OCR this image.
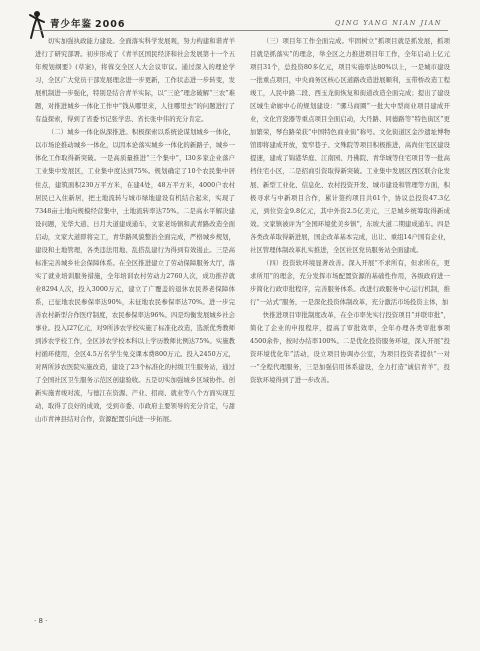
青少年鉴 2006	QING YANG NIAN JIAN

切实加强执政能力建设。全面落实科学发展观，努力构建和谐青羊进行了研究部署。初步形成了《青羊区国民经济和社会发展第十一个五年规划纲要》(草案)，将蓉交全区人大会议审议。通过深入的理论学习，全区广大党员干部发展理念进一步更新，工作状态进一步转变，发展机制进一步强化，特别是结合青羊实际，以“三论”理念破解“三农”难题，对推进城乡一体化工作中“钱从哪里来，人往哪里去”的问题进行了有益探索，得到了省委书记张学忠、省长张中伟的充分肯定。

（二）城乡一体化纵深推进。积极探索以系统论谋划城乡一体化，以市场论推动城乡一体化，以因本论落实城乡一体化的新路子，城乡一体化工作取得新突破。一是高质量推进“三个集中”，l30多家企业落户工业集中发展区，工业集中度达到75%。规划确定了10个农民集中居住点，建筑面积230万平方米，在建4处，48万平方米，4000户农村居民已入住新居，把土地流转与城市绿地建设有机结合起来，实现了7348亩土地向规模经营集中，土地流转率达75%。二是高水平解决建设问题，光华大道、日月大道建成通车，文家老场镇和武青路改造全面启动，文家大道即将完工，青华路风貌整治全面完成，严格城乡规划，建设和土地管理，各类违法用地、乱搭乱建行为得到有效遏止。三是高标准完善城乡社会保障体系。在全区推进建立了劳动保障服务大厅，落实了就业培训服务措施，全年培训农村劳动力2760人次，成功推荐就业8294人次，投入3000万元，建立了广覆盖的退休农民养老保障体系，已征地农民参保率达90%，未征地农民参保率达70%。进一步完善农村新型合作医疗制度，农民参保率达96%。四是均衡发展城乡社会事业。投入l27亿元，对9所涉农学校实施了标准化改造，选派优秀教师到涉农学校工作，全区涉农学校本科以上学历教师比例达75%。实施教村循环使用，全区4.5万名学生免交课本费800万元。投入2450万元，对两所涉农医院实施改造，建设了23个标准化的村级卫生服务站，通过了全国社区卫生服务示范区创建验收。五是切实加强城乡区域协作。创新实施青竣对流，与德江在资源、产业、招商、就业等八个方面实现互动，取得了良好的成效，受到市委、市政府主要领导的充分肯定，与甜山市青神县结对合作，资源配置引向进一步拓展。

（三）项目年工作全面完成。牢固树立“抓项目就是抓发展，抓项目就是抓落实”的理念，举全区之力推进项目年工作，全年启动上亿元项目31个，总投资80多亿元，项目实施率达80%以上，一是城市建设一批重点项目，中央商务区核心区道路改造进展顺利，玉带桥改造工程竣工，人民中路二段、西玉龙街恢复和街道改造全面完成；提出了建设区城生命廊中心的规划建设：“骡马商圈”一批大中型商业项目建成开业，文化宫瓷器等重点项目全面启动，大丹路、同德路等“特色街区”更加繁荣，琴台路荣获“中国特色商业街”称号。文化街道区金沙遗址博物馆即将建成开放，宽窄巷子、文殊院等项目积极推进，高尚住宅区建设提速，建成了锦港华庭、江南园、丹佛院、青华城等住宅项目等一批高档住宅小区，二是招商引资取得新突破。工业集中发展区西区联合化发展、新型工业化、信息化、农村投资开发、城市建设和管理等方面，积极寻求与中新项目合作，累计签约项目共61个，协议总投资47.3亿元，到位资金9.8亿元，其中外资2.5亿美元，三是城乡统筹取得新成效。文家镇被评为“全国环境优美乡镇”，东坡大道二期建成通车。四是各类改革取得新进展，国企改革基本完成，出让、重组14户国有企业，社区管理体制改革扎实推进，全区社区党员服务站全面建成。

（四）投资软环境显著改善。深入开展“不求所有，但求所在，更求所用”的理念，充分发挥市场配置资源的基础性作用，各级政府进一步简化行政审批程序，完善服务体系。改进行政服务中心运行机制，推行“一站式”服务，一是深化投资体制改革，充分激活市场投资主体，加

快推进项目审批制度改革，在全市率先实行投资项目“并联审批”，简化了企业的申报程序，提高了审批效率，全年办理各类审批事项4500余件，按时办结率100%。二是优化投资服务环境，深入开展“投资环境优化年”活动，设立项目协调办公室，为项目投资者提供“一对一”全程代理服务，三是加强信用体系建设，全力打造“诚信青羊”，投资软环境得到了进一步改善。

· 8 ·
